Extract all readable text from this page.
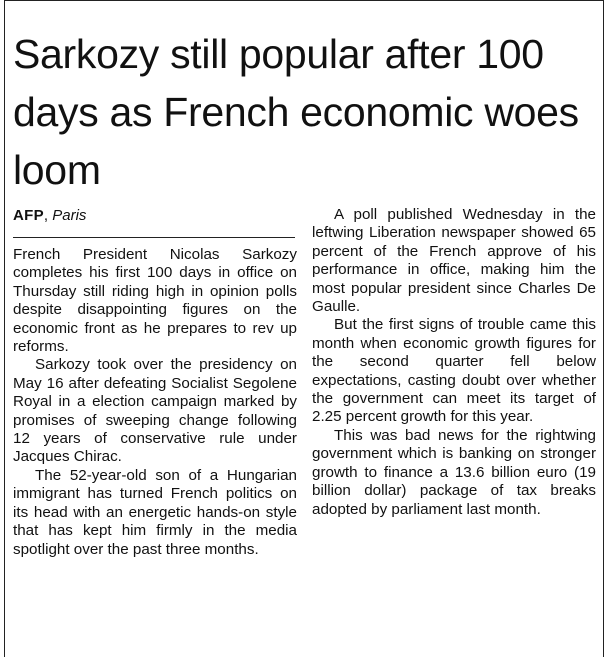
Sarkozy still popular after 100 days as French economic woes loom
AFP, Paris

French President Nicolas Sarkozy completes his first 100 days in office on Thursday still riding high in opinion polls despite disappointing figures on the economic front as he prepares to rev up reforms.

Sarkozy took over the presidency on May 16 after defeating Socialist Segolene Royal in a election campaign marked by promises of sweeping change following 12 years of conservative rule under Jacques Chirac.

The 52-year-old son of a Hungarian immigrant has turned French politics on its head with an energetic hands-on style that has kept him firmly in the media spotlight over the past three months.

A poll published Wednesday in the leftwing Liberation newspaper showed 65 percent of the French approve of his performance in office, making him the most popular president since Charles De Gaulle.

But the first signs of trouble came this month when economic growth figures for the second quarter fell below expectations, casting doubt over whether the government can meet its target of 2.25 percent growth for this year.

This was bad news for the rightwing government which is banking on stronger growth to finance a 13.6 billion euro (19 billion dollar) package of tax breaks adopted by parliament last month.
